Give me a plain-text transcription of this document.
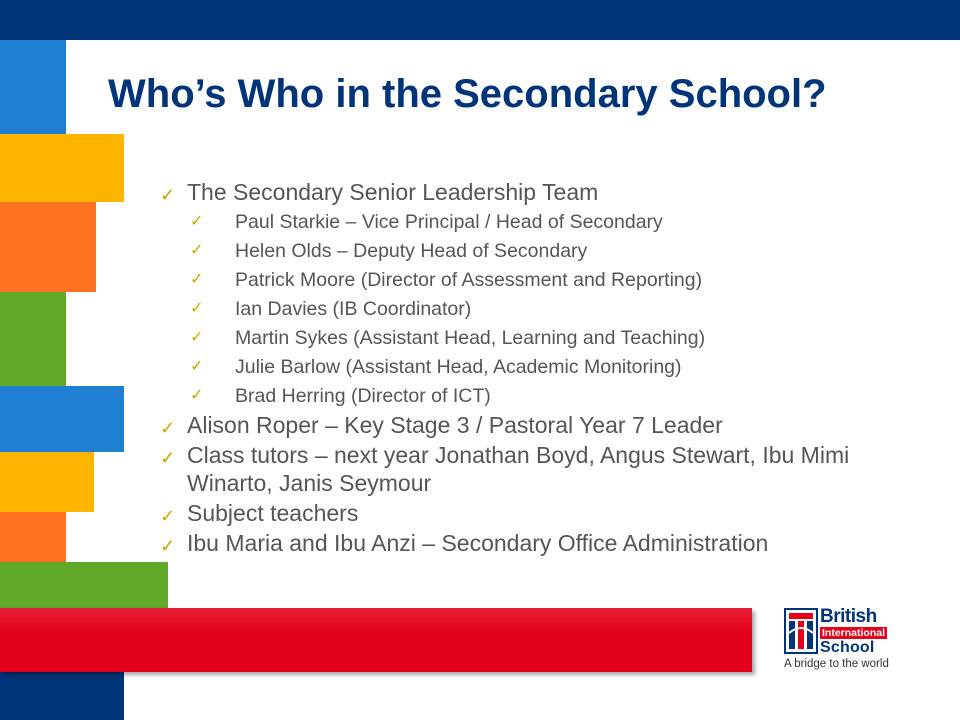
Who’s Who in the Secondary School?
✓ The Secondary Senior Leadership Team
✓ Paul Starkie – Vice Principal / Head of Secondary
✓ Helen Olds – Deputy Head of Secondary
✓ Patrick Moore (Director of Assessment and Reporting)
✓ Ian Davies (IB Coordinator)
✓ Martin Sykes (Assistant Head, Learning and Teaching)
✓ Julie Barlow (Assistant Head, Academic Monitoring)
✓ Brad Herring (Director of ICT)
✓ Alison Roper – Key Stage 3 / Pastoral Year 7 Leader
✓ Class tutors – next year Jonathan Boyd, Angus Stewart, Ibu Mimi Winarto, Janis Seymour
✓ Subject teachers
✓ Ibu Maria and Ibu Anzi – Secondary Office Administration
British
International
School
A bridge to the world
